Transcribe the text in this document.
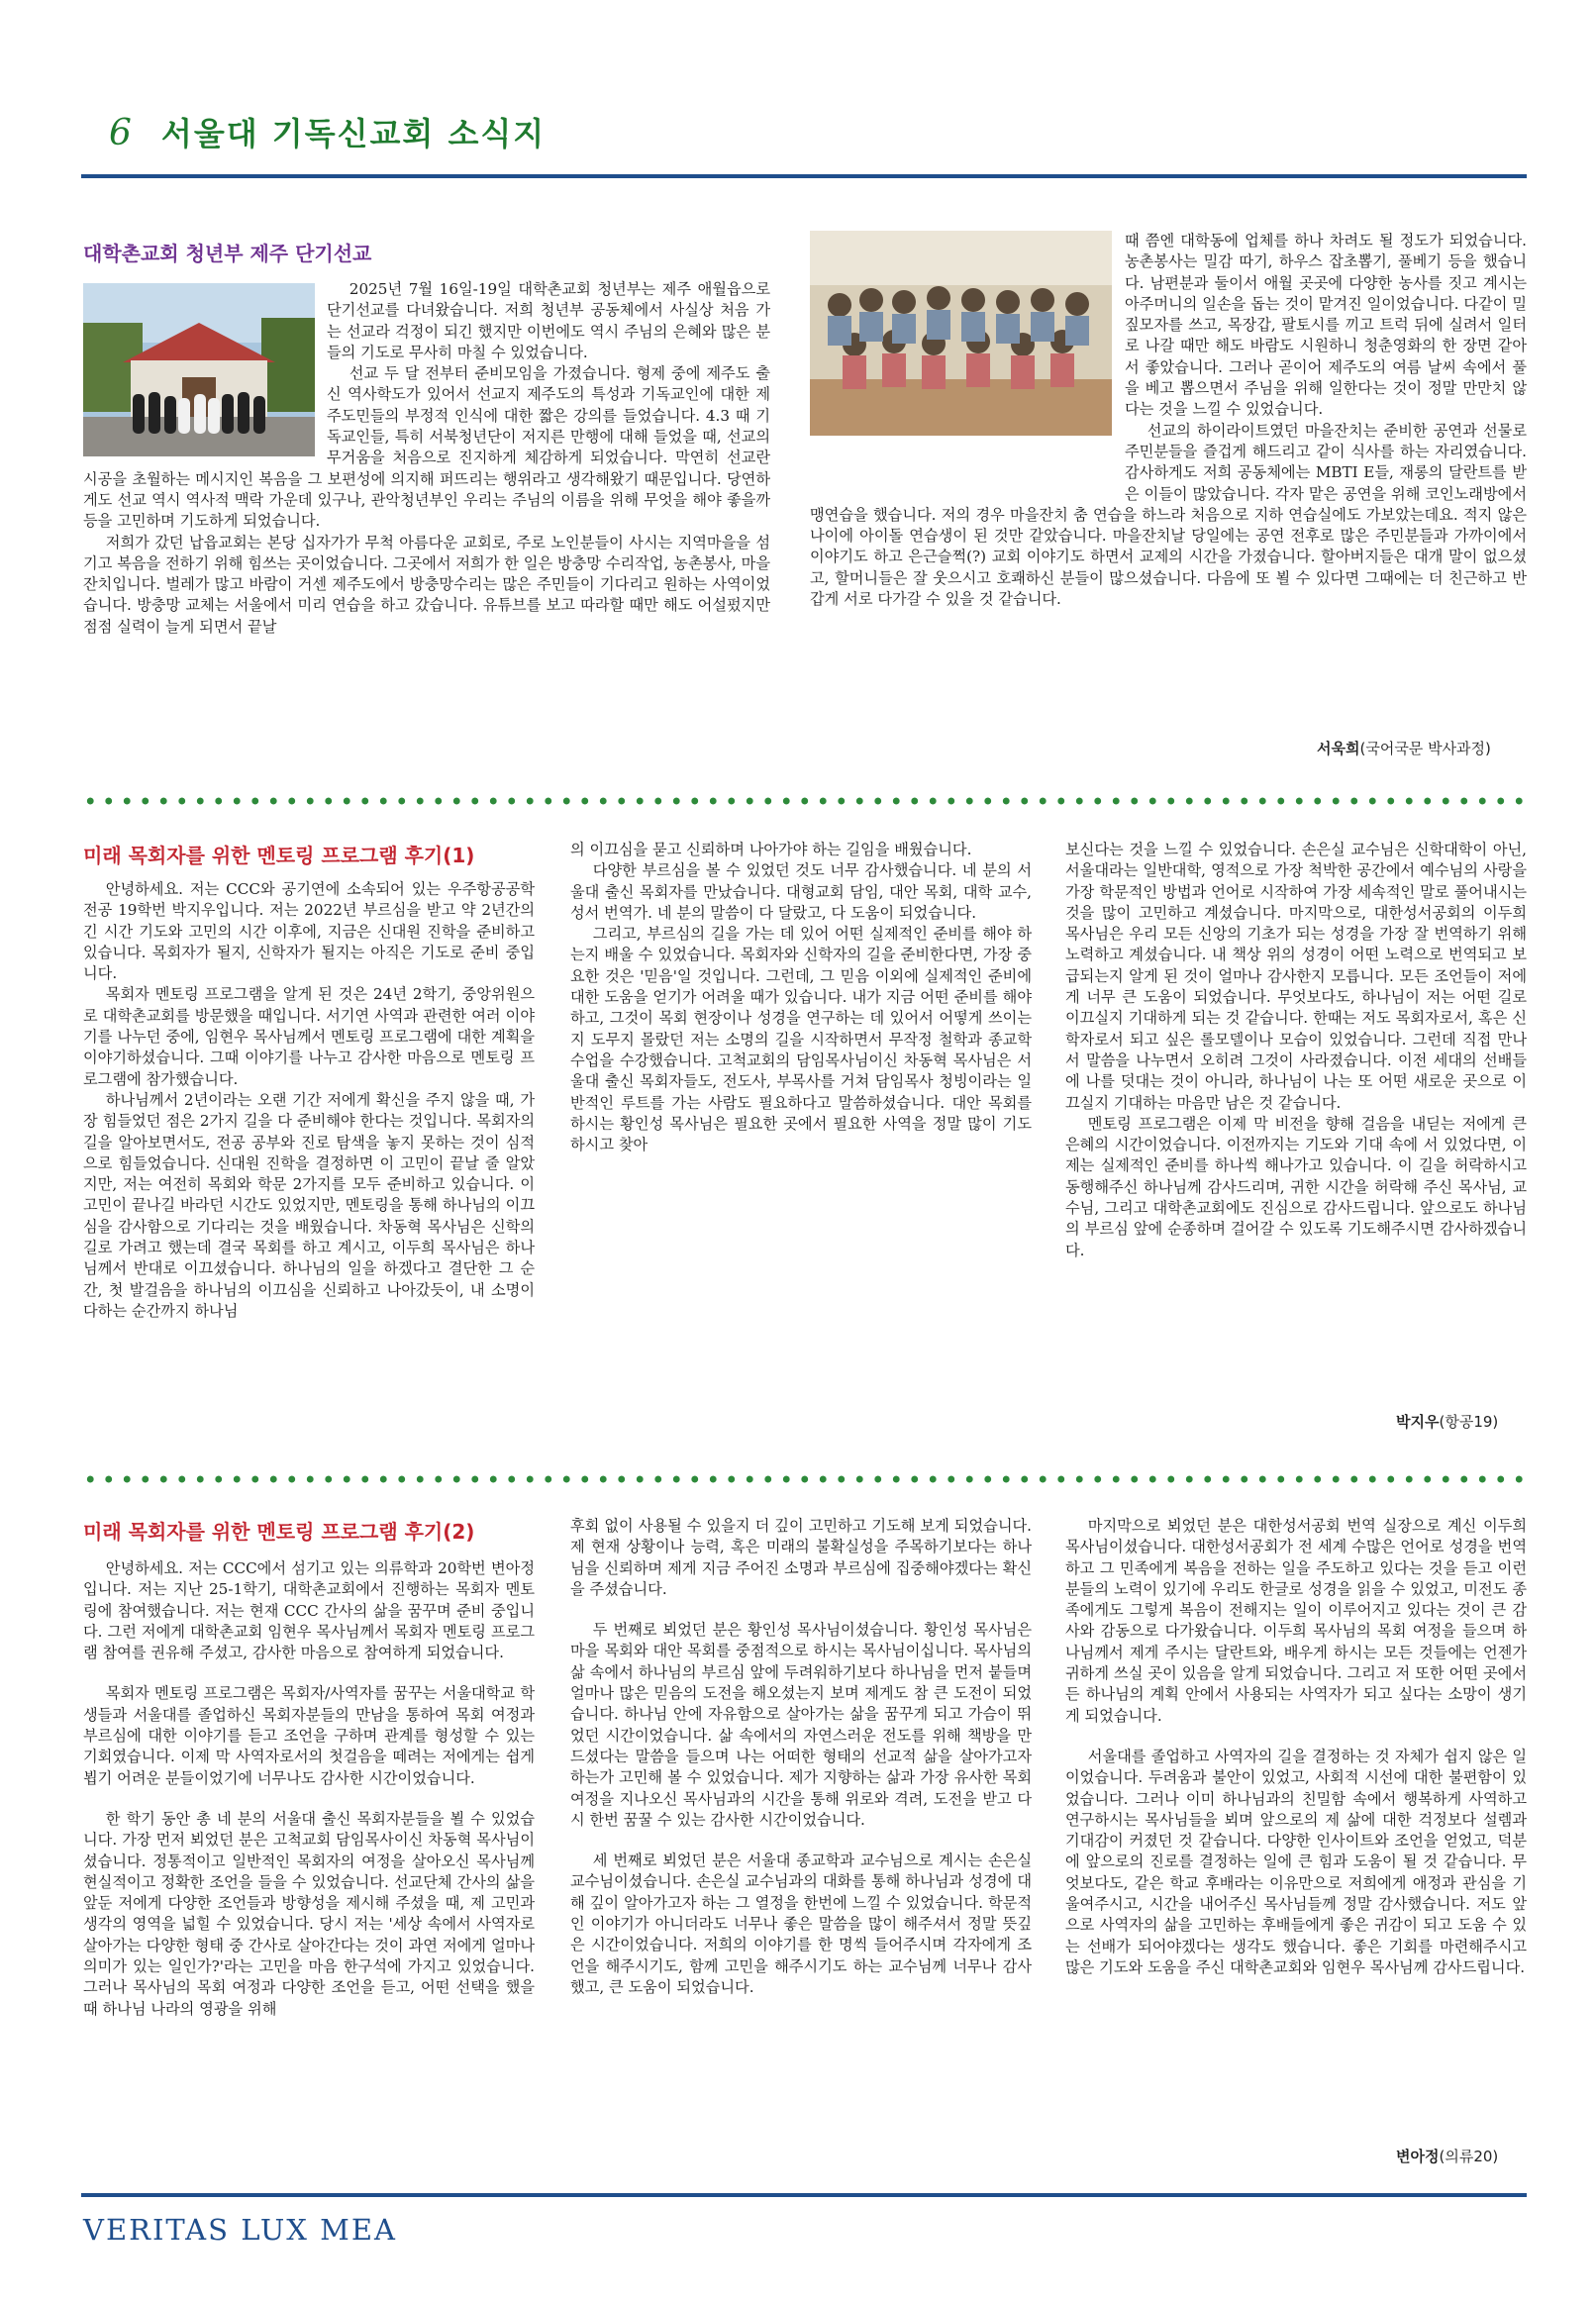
6 서울대 기독신교회 소식지
대학촌교회 청년부 제주 단기선교

2025년 7월 16일-19일 대학촌교회 청년부는 제주 애월읍으로 단기선교를 다녀왔습니다. 저희 청년부 공동체에서 사실상 처음 가는 선교라 걱정이 되긴 했지만 이번에도 역시 주님의 은혜와 많은 분들의 기도로 무사히 마칠 수 있었습니다.

선교 두 달 전부터 준비모임을 가졌습니다. 형제 중에 제주도 출신 역사학도가 있어서 선교지 제주도의 특성과 기독교인에 대한 제주도민들의 부정적 인식에 대한 짧은 강의를 들었습니다. 4.3 때 기독교인들, 특히 서북청년단이 저지른 만행에 대해 들었을 때, 선교의 무거움을 처음으로 진지하게 체감하게 되었습니다. 막연히 선교란 시공을 초월하는 메시지인 복음을 그 보편성에 의지해 퍼뜨리는 행위라고 생각해왔기 때문입니다. 당연하게도 선교 역시 역사적 맥락 가운데 있구나, 관악청년부인 우리는 주님의 이름을 위해 무엇을 해야 좋을까 등을 고민하며 기도하게 되었습니다.

저희가 갔던 납읍교회는 본당 십자가가 무척 아름다운 교회로, 주로 노인분들이 사시는 지역마을을 섬기고 복음을 전하기 위해 힘쓰는 곳이었습니다. 그곳에서 저희가 한 일은 방충망 수리작업, 농촌봉사, 마을잔치입니다. 벌레가 많고 바람이 거센 제주도에서 방충망수리는 많은 주민들이 기다리고 원하는 사역이었습니다. 방충망 교체는 서울에서 미리 연습을 하고 갔습니다. 유튜브를 보고 따라할 때만 해도 어설펐지만 점점 실력이 늘게 되면서 끝날

때 쯤엔 대학동에 업체를 하나 차려도 될 정도가 되었습니다. 농촌봉사는 밀감 따기, 하우스 잡초뽑기, 풀베기 등을 했습니다. 남편분과 둘이서 애월 곳곳에 다양한 농사를 짓고 계시는 아주머니의 일손을 돕는 것이 맡겨진 일이었습니다. 다같이 밀짚모자를 쓰고, 목장갑, 팔토시를 끼고 트럭 뒤에 실려서 일터로 나갈 때만 해도 바람도 시원하니 청춘영화의 한 장면 같아서 좋았습니다. 그러나 곧이어 제주도의 여름 날씨 속에서 풀을 베고 뽑으면서 주님을 위해 일한다는 것이 정말 만만치 않다는 것을 느낄 수 있었습니다.

선교의 하이라이트였던 마을잔치는 준비한 공연과 선물로 주민분들을 즐겁게 해드리고 같이 식사를 하는 자리였습니다. 감사하게도 저희 공동체에는 MBTI E들, 재롱의 달란트를 받은 이들이 많았습니다. 각자 맡은 공연을 위해 코인노래방에서 맹연습을 했습니다. 저의 경우 마을잔치 춤 연습을 하느라 처음으로 지하 연습실에도 가보았는데요. 적지 않은 나이에 아이돌 연습생이 된 것만 같았습니다. 마을잔치날 당일에는 공연 전후로 많은 주민분들과 가까이에서 이야기도 하고 은근슬쩍(?) 교회 이야기도 하면서 교제의 시간을 가졌습니다. 할아버지들은 대개 말이 없으셨고, 할머니들은 잘 웃으시고 호쾌하신 분들이 많으셨습니다. 다음에 또 뵐 수 있다면 그때에는 더 친근하고 반갑게 서로 다가갈 수 있을 것 같습니다.

서욱희(국어국문 박사과정)
미래 목회자를 위한 멘토링 프로그램 후기(1)

안녕하세요. 저는 CCC와 공기연에 소속되어 있는 우주항공공학전공 19학번 박지우입니다. 저는 2022년 부르심을 받고 약 2년간의 긴 시간 기도와 고민의 시간 이후에, 지금은 신대원 진학을 준비하고 있습니다. 목회자가 될지, 신학자가 될지는 아직은 기도로 준비 중입니다.

목회자 멘토링 프로그램을 알게 된 것은 24년 2학기, 중앙위원으로 대학촌교회를 방문했을 때입니다. 서기연 사역과 관련한 여러 이야기를 나누던 중에, 임현우 목사님께서 멘토링 프로그램에 대한 계획을 이야기하셨습니다. 그때 이야기를 나누고 감사한 마음으로 멘토링 프로그램에 참가했습니다.

하나님께서 2년이라는 오랜 기간 저에게 확신을 주지 않을 때, 가장 힘들었던 점은 2가지 길을 다 준비해야 한다는 것입니다. 목회자의 길을 알아보면서도, 전공 공부와 진로 탐색을 놓지 못하는 것이 심적으로 힘들었습니다. 신대원 진학을 결정하면 이 고민이 끝날 줄 알았지만, 저는 여전히 목회와 학문 2가지를 모두 준비하고 있습니다. 이 고민이 끝나길 바라던 시간도 있었지만, 멘토링을 통해 하나님의 이끄심을 감사함으로 기다리는 것을 배웠습니다. 차동혁 목사님은 신학의 길로 가려고 했는데 결국 목회를 하고 계시고, 이두희 목사님은 하나님께서 반대로 이끄셨습니다. 하나님의 일을 하겠다고 결단한 그 순간, 첫 발걸음을 하나님의 이끄심을 신뢰하고 나아갔듯이, 내 소명이 다하는 순간까지 하나님

의 이끄심을 묻고 신뢰하며 나아가야 하는 길임을 배웠습니다.

다양한 부르심을 볼 수 있었던 것도 너무 감사했습니다. 네 분의 서울대 출신 목회자를 만났습니다. 대형교회 담임, 대안 목회, 대학 교수, 성서 번역가. 네 분의 말씀이 다 달랐고, 다 도움이 되었습니다.

그리고, 부르심의 길을 가는 데 있어 어떤 실제적인 준비를 해야 하는지 배울 수 있었습니다. 목회자와 신학자의 길을 준비한다면, 가장 중요한 것은 '믿음'일 것입니다. 그런데, 그 믿음 이외에 실제적인 준비에 대한 도움을 얻기가 어려울 때가 있습니다. 내가 지금 어떤 준비를 해야 하고, 그것이 목회 현장이나 성경을 연구하는 데 있어서 어떻게 쓰이는지 도무지 몰랐던 저는 소명의 길을 시작하면서 무작정 철학과 종교학 수업을 수강했습니다. 고척교회의 담임목사님이신 차동혁 목사님은 서울대 출신 목회자들도, 전도사, 부목사를 거쳐 담임목사 청빙이라는 일반적인 루트를 가는 사람도 필요하다고 말씀하셨습니다. 대안 목회를 하시는 황인성 목사님은 필요한 곳에서 필요한 사역을 정말 많이 기도하시고 찾아

보신다는 것을 느낄 수 있었습니다. 손은실 교수님은 신학대학이 아닌, 서울대라는 일반대학, 영적으로 가장 척박한 공간에서 예수님의 사랑을 가장 학문적인 방법과 언어로 시작하여 가장 세속적인 말로 풀어내시는 것을 많이 고민하고 계셨습니다. 마지막으로, 대한성서공회의 이두희 목사님은 우리 모든 신앙의 기초가 되는 성경을 가장 잘 번역하기 위해 노력하고 계셨습니다. 내 책상 위의 성경이 어떤 노력으로 번역되고 보급되는지 알게 된 것이 얼마나 감사한지 모릅니다. 모든 조언들이 저에게 너무 큰 도움이 되었습니다. 무엇보다도, 하나님이 저는 어떤 길로 이끄실지 기대하게 되는 것 같습니다. 한때는 저도 목회자로서, 혹은 신학자로서 되고 싶은 롤모델이나 모습이 있었습니다. 그런데 직접 만나서 말씀을 나누면서 오히려 그것이 사라졌습니다. 이전 세대의 선배들에 나를 덧대는 것이 아니라, 하나님이 나는 또 어떤 새로운 곳으로 이끄실지 기대하는 마음만 남은 것 같습니다.

멘토링 프로그램은 이제 막 비전을 향해 걸음을 내딛는 저에게 큰 은혜의 시간이었습니다. 이전까지는 기도와 기대 속에 서 있었다면, 이제는 실제적인 준비를 하나씩 해나가고 있습니다. 이 길을 허락하시고 동행해주신 하나님께 감사드리며, 귀한 시간을 허락해 주신 목사님, 교수님, 그리고 대학촌교회에도 진심으로 감사드립니다. 앞으로도 하나님의 부르심 앞에 순종하며 걸어갈 수 있도록 기도해주시면 감사하겠습니다.

박지우(항공19)
미래 목회자를 위한 멘토링 프로그램 후기(2)

안녕하세요. 저는 CCC에서 섬기고 있는 의류학과 20학번 변아정입니다. 저는 지난 25-1학기, 대학촌교회에서 진행하는 목회자 멘토링에 참여했습니다. 저는 현재 CCC 간사의 삶을 꿈꾸며 준비 중입니다. 그런 저에게 대학촌교회 임현우 목사님께서 목회자 멘토링 프로그램 참여를 권유해 주셨고, 감사한 마음으로 참여하게 되었습니다.

목회자 멘토링 프로그램은 목회자/사역자를 꿈꾸는 서울대학교 학생들과 서울대를 졸업하신 목회자분들의 만남을 통하여 목회 여정과 부르심에 대한 이야기를 듣고 조언을 구하며 관계를 형성할 수 있는 기회였습니다. 이제 막 사역자로서의 첫걸음을 떼려는 저에게는 쉽게 뵙기 어려운 분들이었기에 너무나도 감사한 시간이었습니다.

한 학기 동안 총 네 분의 서울대 출신 목회자분들을 뵐 수 있었습니다. 가장 먼저 뵈었던 분은 고척교회 담임목사이신 차동혁 목사님이셨습니다. 정통적이고 일반적인 목회자의 여정을 살아오신 목사님께 현실적이고 정확한 조언을 들을 수 있었습니다. 선교단체 간사의 삶을 앞둔 저에게 다양한 조언들과 방향성을 제시해 주셨을 때, 제 고민과 생각의 영역을 넓힐 수 있었습니다. 당시 저는 '세상 속에서 사역자로 살아가는 다양한 형태 중 간사로 살아간다는 것이 과연 저에게 얼마나 의미가 있는 일인가?'라는 고민을 마음 한구석에 가지고 있었습니다. 그러나 목사님의 목회 여정과 다양한 조언을 듣고, 어떤 선택을 했을 때 하나님 나라의 영광을 위해

후회 없이 사용될 수 있을지 더 깊이 고민하고 기도해 보게 되었습니다. 제 현재 상황이나 능력, 혹은 미래의 불확실성을 주목하기보다는 하나님을 신뢰하며 제게 지금 주어진 소명과 부르심에 집중해야겠다는 확신을 주셨습니다.

두 번째로 뵈었던 분은 황인성 목사님이셨습니다. 황인성 목사님은 마을 목회와 대안 목회를 중점적으로 하시는 목사님이십니다. 목사님의 삶 속에서 하나님의 부르심 앞에 두려워하기보다 하나님을 먼저 붙들며 얼마나 많은 믿음의 도전을 해오셨는지 보며 제게도 참 큰 도전이 되었습니다. 하나님 안에 자유함으로 살아가는 삶을 꿈꾸게 되고 가슴이 뛰었던 시간이었습니다. 삶 속에서의 자연스러운 전도를 위해 책방을 만드셨다는 말씀을 들으며 나는 어떠한 형태의 선교적 삶을 살아가고자 하는가 고민해 볼 수 있었습니다. 제가 지향하는 삶과 가장 유사한 목회 여정을 지나오신 목사님과의 시간을 통해 위로와 격려, 도전을 받고 다시 한번 꿈꿀 수 있는 감사한 시간이었습니다.

세 번째로 뵈었던 분은 서울대 종교학과 교수님으로 계시는 손은실 교수님이셨습니다. 손은실 교수님과의 대화를 통해 하나님과 성경에 대해 깊이 알아가고자 하는 그 열정을 한번에 느낄 수 있었습니다. 학문적인 이야기가 아니더라도 너무나 좋은 말씀을 많이 해주셔서 정말 뜻깊은 시간이었습니다. 저희의 이야기를 한 명씩 들어주시며 각자에게 조언을 해주시기도, 함께 고민을 해주시기도 하는 교수님께 너무나 감사했고, 큰 도움이 되었습니다.

마지막으로 뵈었던 분은 대한성서공회 번역 실장으로 계신 이두희 목사님이셨습니다. 대한성서공회가 전 세계 수많은 언어로 성경을 번역하고 그 민족에게 복음을 전하는 일을 주도하고 있다는 것을 듣고 이런 분들의 노력이 있기에 우리도 한글로 성경을 읽을 수 있었고, 미전도 종족에게도 그렇게 복음이 전해지는 일이 이루어지고 있다는 것이 큰 감사와 감동으로 다가왔습니다. 이두희 목사님의 목회 여정을 들으며 하나님께서 제게 주시는 달란트와, 배우게 하시는 모든 것들에는 언젠가 귀하게 쓰실 곳이 있음을 알게 되었습니다. 그리고 저 또한 어떤 곳에서든 하나님의 계획 안에서 사용되는 사역자가 되고 싶다는 소망이 생기게 되었습니다.

서울대를 졸업하고 사역자의 길을 결정하는 것 자체가 쉽지 않은 일이었습니다. 두려움과 불안이 있었고, 사회적 시선에 대한 불편함이 있었습니다. 그러나 이미 하나님과의 친밀함 속에서 행복하게 사역하고 연구하시는 목사님들을 뵈며 앞으로의 제 삶에 대한 걱정보다 설렘과 기대감이 커졌던 것 같습니다. 다양한 인사이트와 조언을 얻었고, 덕분에 앞으로의 진로를 결정하는 일에 큰 힘과 도움이 될 것 같습니다. 무엇보다도, 같은 학교 후배라는 이유만으로 저희에게 애정과 관심을 기울여주시고, 시간을 내어주신 목사님들께 정말 감사했습니다. 저도 앞으로 사역자의 삶을 고민하는 후배들에게 좋은 귀감이 되고 도움 수 있는 선배가 되어야겠다는 생각도 했습니다. 좋은 기회를 마련해주시고 많은 기도와 도움을 주신 대학촌교회와 임현우 목사님께 감사드립니다.

변아정(의류20)
VERITAS LUX MEA
